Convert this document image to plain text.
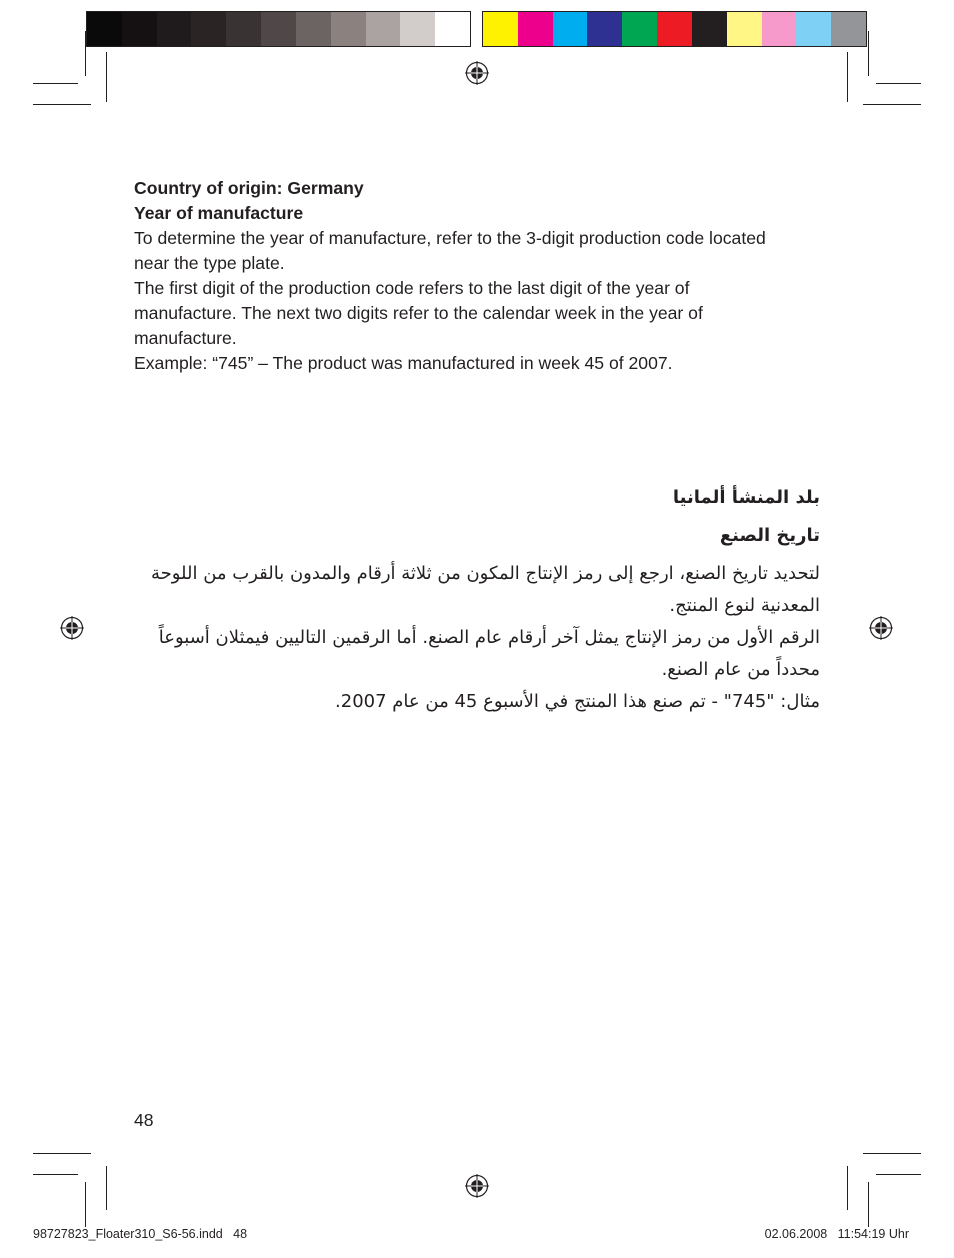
Country of origin: Germany

Year of manufacture

To determine the year of manufacture, refer to the 3-digit production code located near the type plate.

The first digit of the production code refers to the last digit of the year of manufacture. The next two digits refer to the calendar week in the year of manufacture.

Example: “745” – The product was manufactured in week 45 of 2007.

بلد المنشأ ألمانيا

تاريخ الصنع

لتحديد تاريخ الصنع، ارجع إلى رمز الإنتاج المكون من ثلاثة أرقام والمدون بالقرب من اللوحة المعدنية لنوع المنتج.

الرقم الأول من رمز الإنتاج يمثل آخر أرقام عام الصنع. أما الرقمين التاليين فيمثلان أسبوعاً محدداً من عام الصنع.

مثال: "745" - تم صنع هذا المنتج في الأسبوع 45 من عام 2007.

48
98727823_Floater310_S6-56.indd   48	02.06.2008   11:54:19 Uhr
